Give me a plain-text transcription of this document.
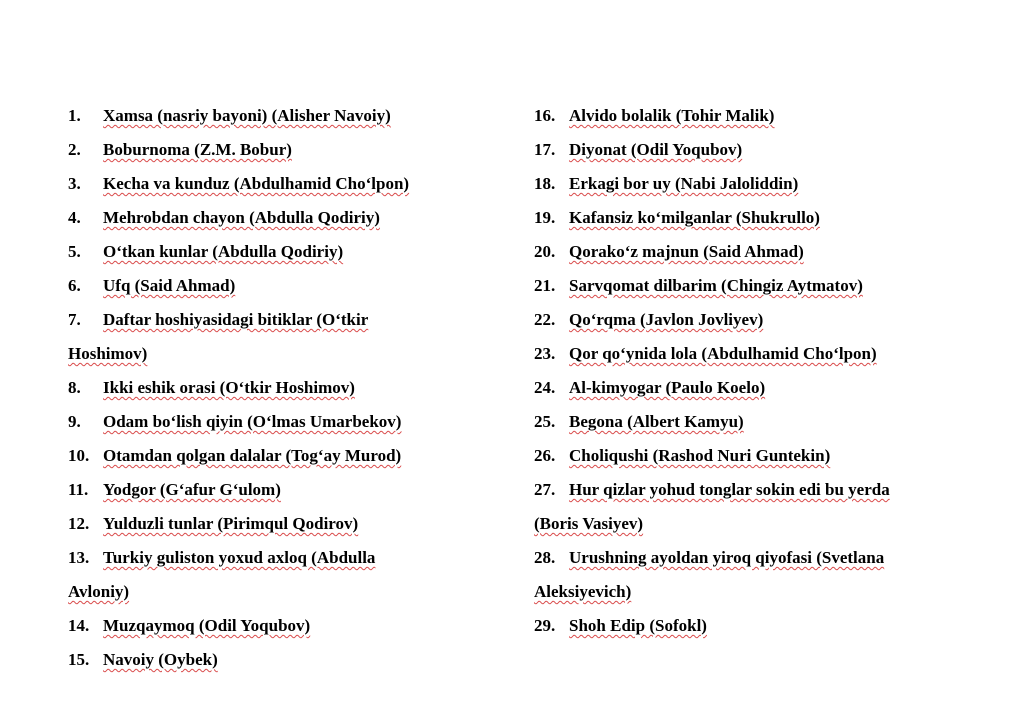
1. Xamsa (nasriy bayoni) (Alisher Navoiy)
2. Boburnoma (Z.M. Bobur)
3. Kecha va kunduz (Abdulhamid Cho‘lpon)
4. Mehrobdan chayon (Abdulla Qodiriy)
5. O‘tkan kunlar (Abdulla Qodiriy)
6. Ufq (Said Ahmad)
7. Daftar hoshiyasidagi bitiklar (O‘tkir
Hoshimov)
8. Ikki eshik orasi (O‘tkir Hoshimov)
9. Odam bo‘lish qiyin (O‘lmas Umarbekov)
10. Otamdan qolgan dalalar (Tog‘ay Murod)
11. Yodgor (G‘afur G‘ulom)
12. Yulduzli tunlar (Pirimqul Qodirov)
13. Turkiy guliston yoxud axloq (Abdulla
Avloniy)
14. Muzqaymoq (Odil Yoqubov)
15. Navoiy (Oybek)
16. Alvido bolalik (Tohir Malik)
17. Diyonat (Odil Yoqubov)
18. Erkagi bor uy (Nabi Jaloliddin)
19. Kafansiz ko‘milganlar (Shukrullo)
20. Qorako‘z majnun (Said Ahmad)
21. Sarvqomat dilbarim (Chingiz Aytmatov)
22. Qo‘rqma (Javlon Jovliyev)
23. Qor qo‘ynida lola (Abdulhamid Cho‘lpon)
24. Al-kimyogar (Paulo Koelo)
25. Begona (Albert Kamyu)
26. Choliqushi (Rashod Nuri Guntekin)
27. Hur qizlar yohud tonglar sokin edi bu yerda
(Boris Vasiyev)
28. Urushning ayoldan yiroq qiyofasi (Svetlana
Aleksiyevich)
29. Shoh Edip (Sofokl)
